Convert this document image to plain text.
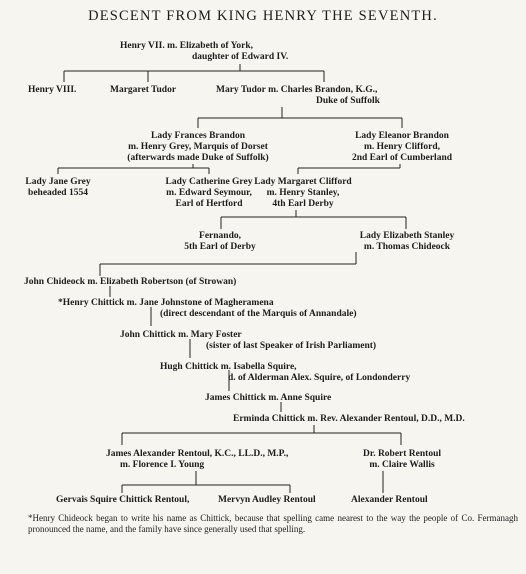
DESCENT FROM KING HENRY THE SEVENTH.

Henry VII. m. Elizabeth of York,

daughter of Edward IV.

Henry VIII.	Margaret Tudor	Mary Tudor m. Charles Brandon, K.G.,

Duke of Suffolk

Lady Frances Brandon

m. Henry Grey, Marquis of Dorset

(afterwards made Duke of Suffolk)

Lady Eleanor Brandon

m. Henry Clifford,

2nd Earl of Cumberland

Lady Jane Grey

beheaded 1554

Lady Catherine Grey

m. Edward Seymour,

Earl of Hertford

Lady Margaret Clifford

m. Henry Stanley,

4th Earl Derby

Fernando,

5th Earl of Derby

Lady Elizabeth Stanley

m. Thomas Chideock

John Chideock m. Elizabeth Robertson (of Strowan)

*Henry Chittick m. Jane Johnstone of Magheramena

(direct descendant of the Marquis of Annandale)

John Chittick m. Mary Foster

(sister of last Speaker of Irish Parliament)

Hugh Chittick m. Isabella Squire,

d. of Alderman Alex. Squire, of Londonderry

James Chittick m. Anne Squire

Erminda Chittick m. Rev. Alexander Rentoul, D.D., M.D.

James Alexander Rentoul, K.C., LL.D., M.P.,

m. Florence I. Young

Dr. Robert Rentoul

m. Claire Wallis

Gervais Squire Chittick Rentoul,	Mervyn Audley Rentoul	Alexander Rentoul

*Henry Chideock began to write his name as Chittick, because that spelling came nearest to the way the people of Co. Fermanagh pronounced the name, and the family have since generally used that spelling.
